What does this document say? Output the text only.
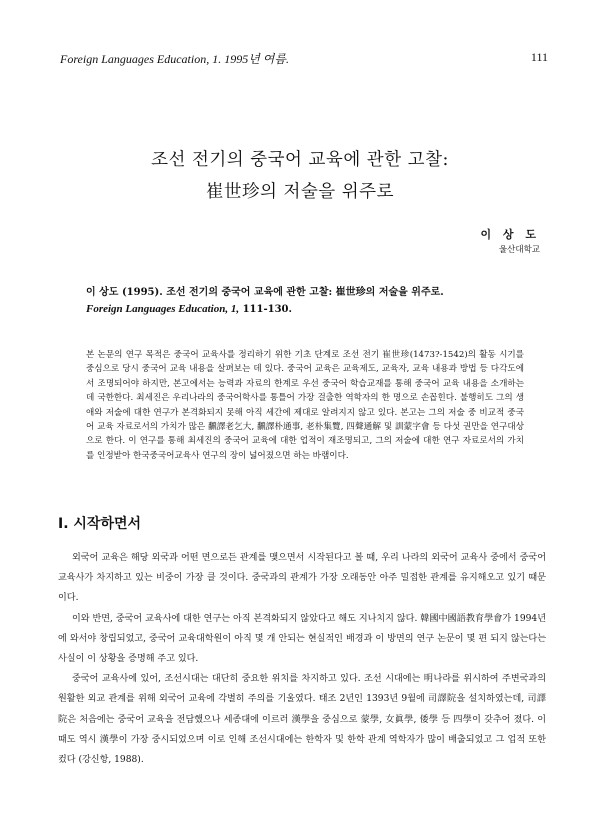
Foreign Languages Education, 1. 1995년 여름.	111
조선 전기의 중국어 교육에 관한 고찰:
崔世珍의 저술을 위주로
이 상 도
울산대학교
이 상도 (1995). 조선 전기의 중국어 교육에 관한 고찰: 崔世珍의 저술을 위주로.
Foreign Languages Education, 1, 111-130.

본 논문의 연구 목적은 중국어 교육사를 정리하기 위한 기초 단계로 조선 전기 崔世珍(1473?-1542)의 활동 시기를 중심으로 당시 중국어 교육 내용을 살펴보는 데 있다. 중국어 교육은 교육제도, 교육자, 교육 내용과 방법 등 다각도에서 조명되어야 하지만, 본고에서는 능력과 자료의 한계로 우선 중국어 학습교재를 통해 중국어 교육 내용을 소개하는데 국한한다. 최세진은 우리나라의 중국어학사를 통틀어 가장 걸출한 역학자의 한 명으로 손꼽힌다. 불행히도 그의 생애와 저술에 대한 연구가 본격화되지 못해 아직 세간에 제대로 알려지지 않고 있다. 본고는 그의 저술 중 비교적 중국어 교육 자료로서의 가치가 많은 飜譯老乞大, 飜譯朴通事, 老朴集覽, 四聲通解 및 訓蒙字會 등 다섯 권만을 연구대상으로 한다. 이 연구를 통해 최세진의 중국어 교육에 대한 업적이 재조명되고, 그의 저술에 대한 연구 자료로서의 가치를 인정받아 한국중국어교육사 연구의 장이 넓어졌으면 하는 바램이다.

I. 시작하면서

외국어 교육은 해당 외국과 어떤 면으로든 관계를 맺으면서 시작된다고 볼 때, 우리 나라의 외국어 교육사 중에서 중국어 교육사가 차지하고 있는 비중이 가장 클 것이다. 중국과의 관계가 가장 오래동안 아주 밀접한 관계를 유지해오고 있기 때문이다.

이와 반면, 중국어 교육사에 대한 연구는 아직 본격화되지 않았다고 해도 지나치지 않다. 韓國中國語教育學會가 1994년에 와서야 창립되었고, 중국어 교육대학원이 아직 몇 개 안되는 현실적인 배경과 이 방면의 연구 논문이 몇 편 되지 않는다는 사실이 이 상황을 증명해 주고 있다.

중국어 교육사에 있어, 조선시대는 대단히 중요한 위치를 차지하고 있다. 조선 시대에는 明나라를 위시하여 주변국과의 원활한 외교 관계를 위해 외국어 교육에 각별히 주의를 기울였다. 태조 2년인 1393년 9월에 司譯院을 설치하였는데, 司譯院은 처음에는 중국어 교육을 전담했으나 세종대에 이르러 漢學을 중심으로 蒙學, 女眞學, 倭學 등 四學이 갖추어 졌다. 이 때도 역시 漢學이 가장 중시되었으며 이로 인해 조선시대에는 한학자 및 한학 관계 역학자가 많이 배출되었고 그 업적 또한 컸다 (강신항, 1988).
